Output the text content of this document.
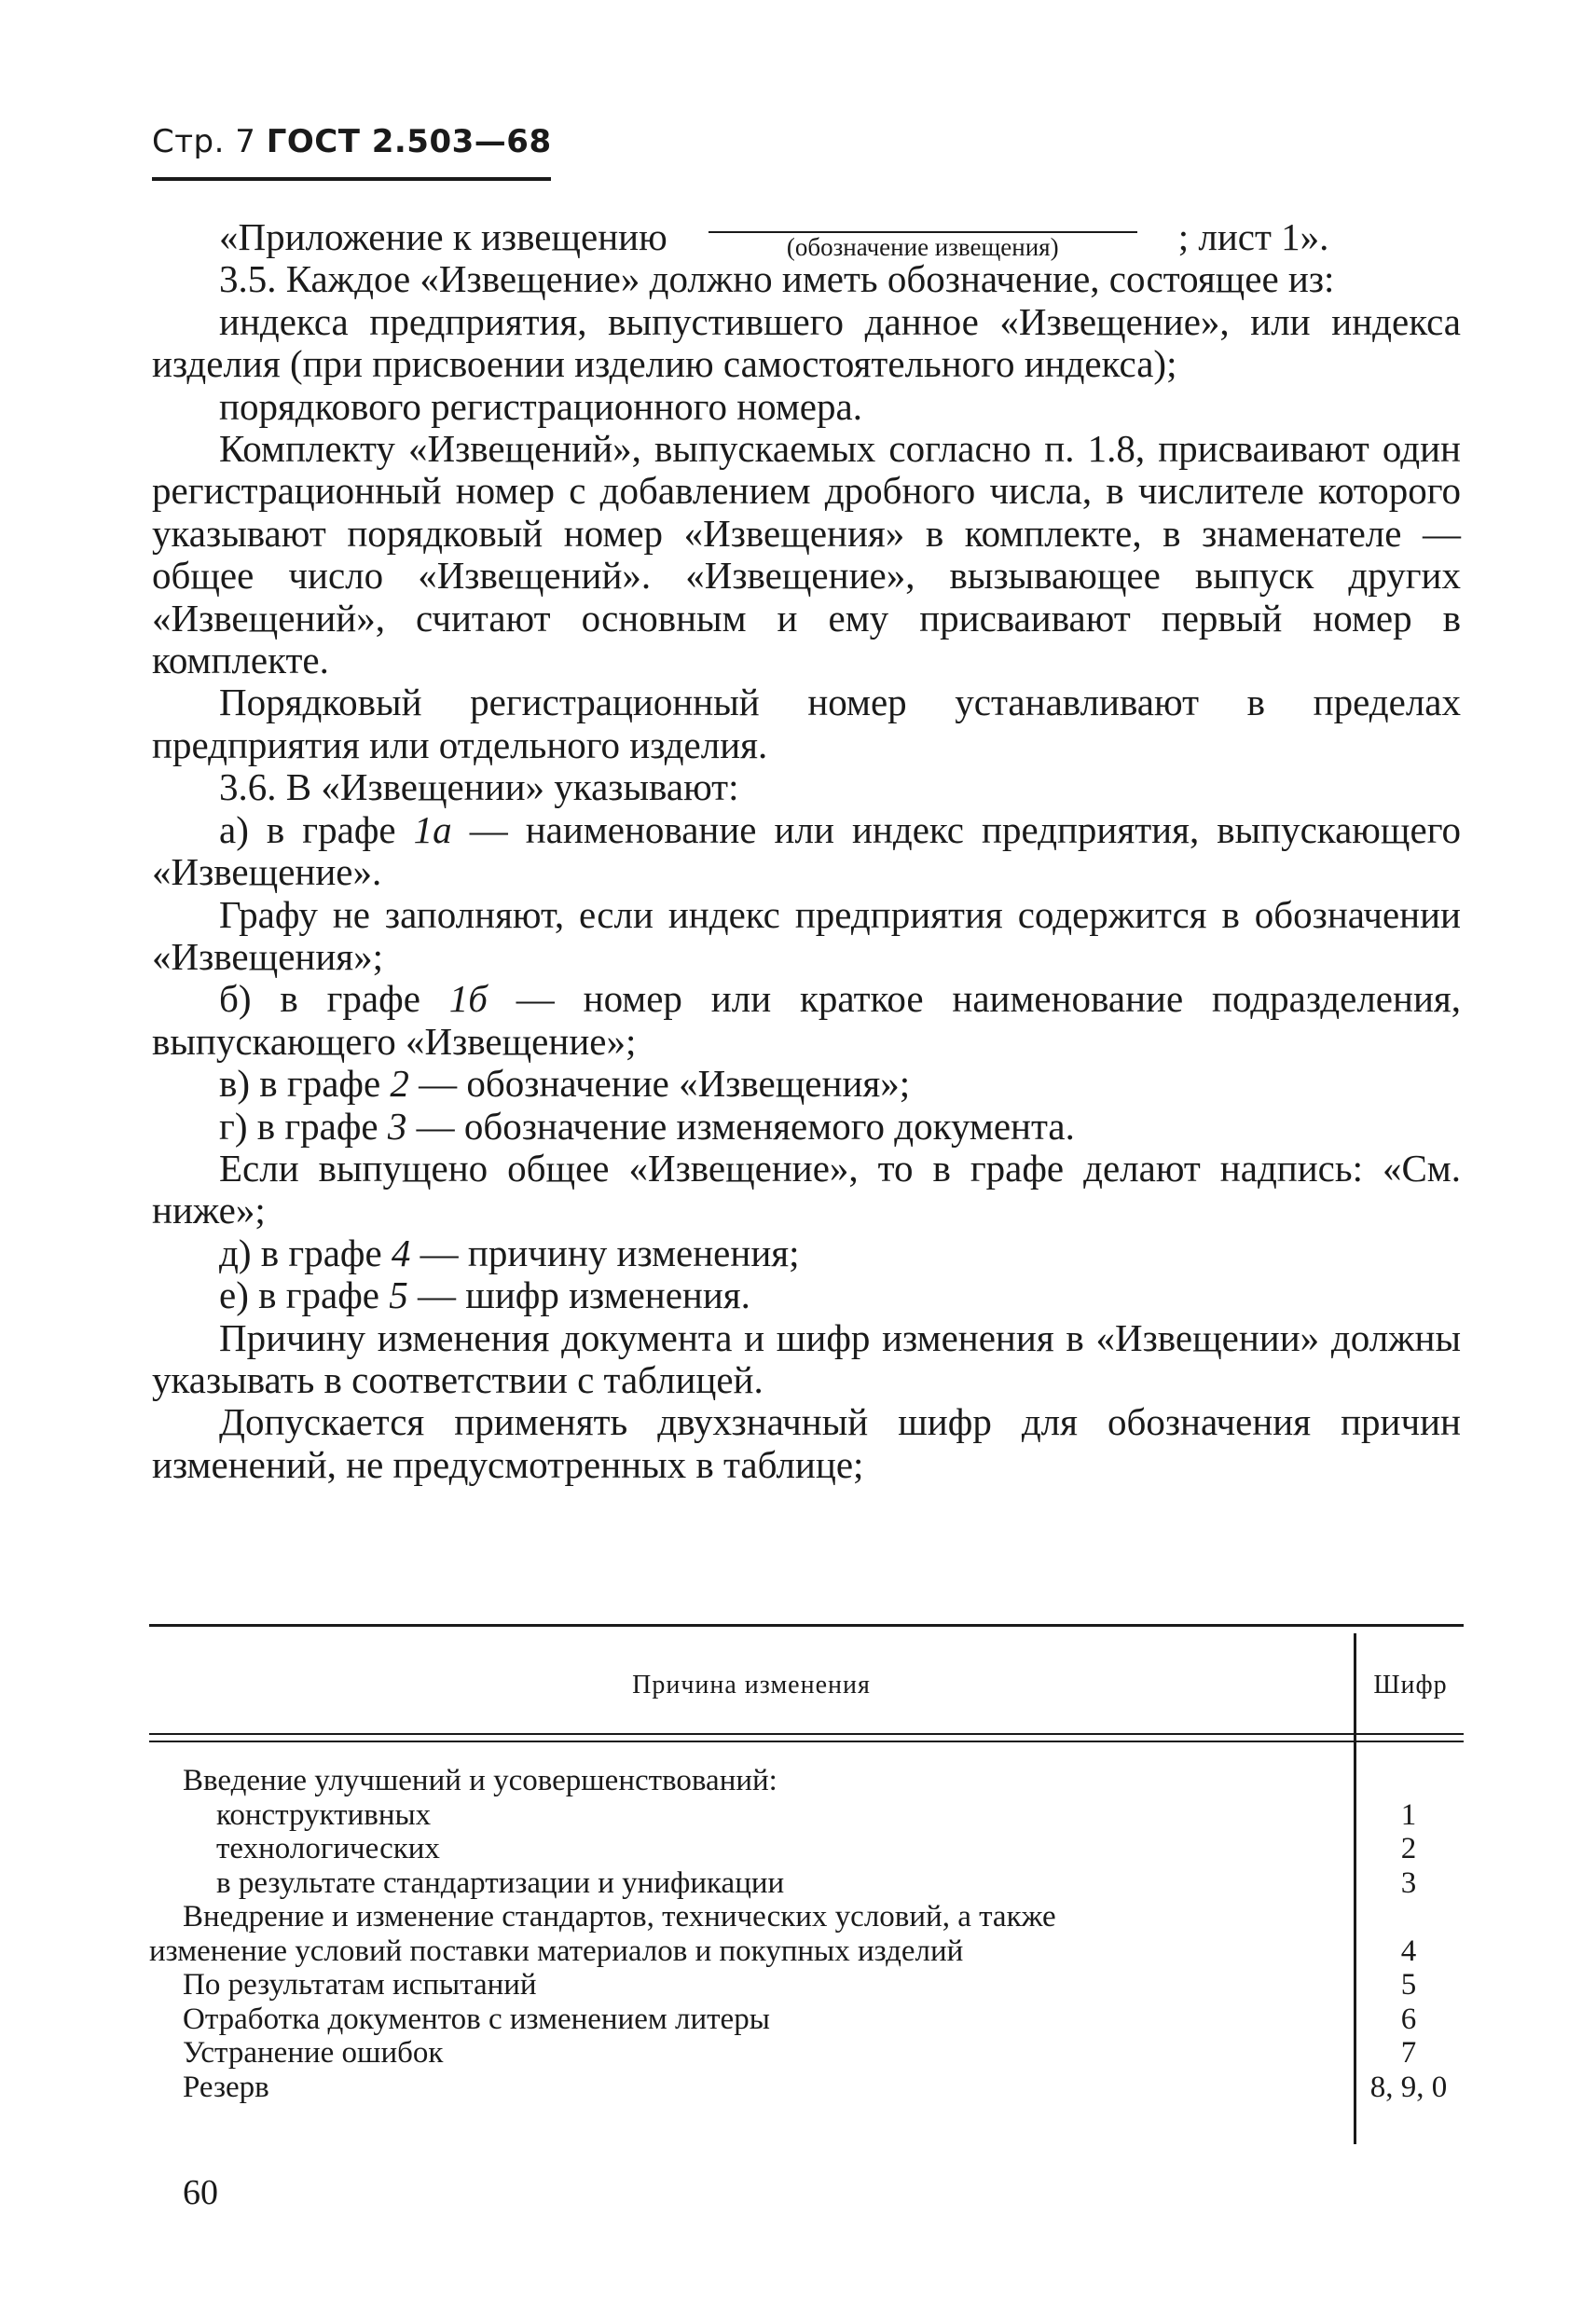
Стр. 7 ГОСТ 2.503—68
«Приложение к извещению	(обозначение извещения)	; лист 1».

3.5. Каждое «Извещение» должно иметь обозначение, состоящее из:

индекса предприятия, выпустившего данное «Извещение», или индекса изделия (при присвоении изделию самостоятельного индекса);

порядкового регистрационного номера.

Комплекту «Извещений», выпускаемых согласно п. 1.8, присваивают один регистрационный номер с добавлением дробного числа, в числителе которого указывают порядковый номер «Извещения» в комплекте, в знаменателе — общее число «Извещений». «Извещение», вызывающее выпуск других «Извещений», считают основным и ему присваивают первый номер в комплекте.

Порядковый регистрационный номер устанавливают в пределах предприятия или отдельного изделия.

3.6. В «Извещении» указывают:

а) в графе 1а — наименование или индекс предприятия, выпускающего «Извещение».

Графу не заполняют, если индекс предприятия содержится в обозначении «Извещения»;

б) в графе 1б — номер или краткое наименование подразделения, выпускающего «Извещение»;

в) в графе 2 — обозначение «Извещения»;

г) в графе 3 — обозначение изменяемого документа.

Если выпущено общее «Извещение», то в графе делают надпись: «См. ниже»;

д) в графе 4 — причину изменения;

е) в графе 5 — шифр изменения.

Причину изменения документа и шифр изменения в «Извещении» должны указывать в соответствии с таблицей.

Допускается применять двухзначный шифр для обозначения причин изменений, не предусмотренных в таблице;

Причина изменения	Шифр
Введение улучшений и усовершенствований:
конструктивных	1
технологических	2
в результате стандартизации и унификации	3
Внедрение и изменение стандартов, технических условий, а также
изменение условий поставки материалов и покупных изделий	4
По результатам испытаний	5
Отработка документов с изменением литеры	6
Устранение ошибок	7
Резерв	8, 9, 0
60
